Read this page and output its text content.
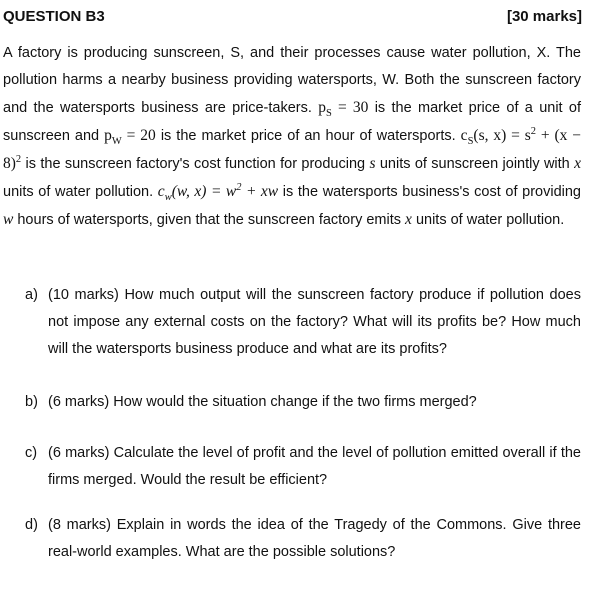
QUESTION B3	[30 marks]
A factory is producing sunscreen, S, and their processes cause water pollution, X. The pollution harms a nearby business providing watersports, W. Both the sunscreen factory and the watersports business are price-takers. $p_S = 30$ is the market price of a unit of sunscreen and $p_W = 20$ is the market price of an hour of watersports. $c_S(s$, $x) = s^2 + (x - 8)^2$ is the sunscreen factory's cost function for producing s units of sunscreen jointly with x units of water pollution. $c_w(w$, $x) = w^2$ + xw is the watersports business's cost of providing w hours of watersports, given that the sunscreen factory emits x units of water pollution.
a) (10 marks) How much output will the sunscreen factory produce if pollution does not impose any external costs on the factory? What will its profits be? How much will the watersports business produce and what are its profits?
b) (6 marks) How would the situation change if the two firms merged?
c) (6 marks) Calculate the level of profit and the level of pollution emitted overall if the firms merged. Would the result be efficient?
d) (8 marks) Explain in words the idea of the Tragedy of the Commons. Give three real-world examples. What are the possible solutions?
